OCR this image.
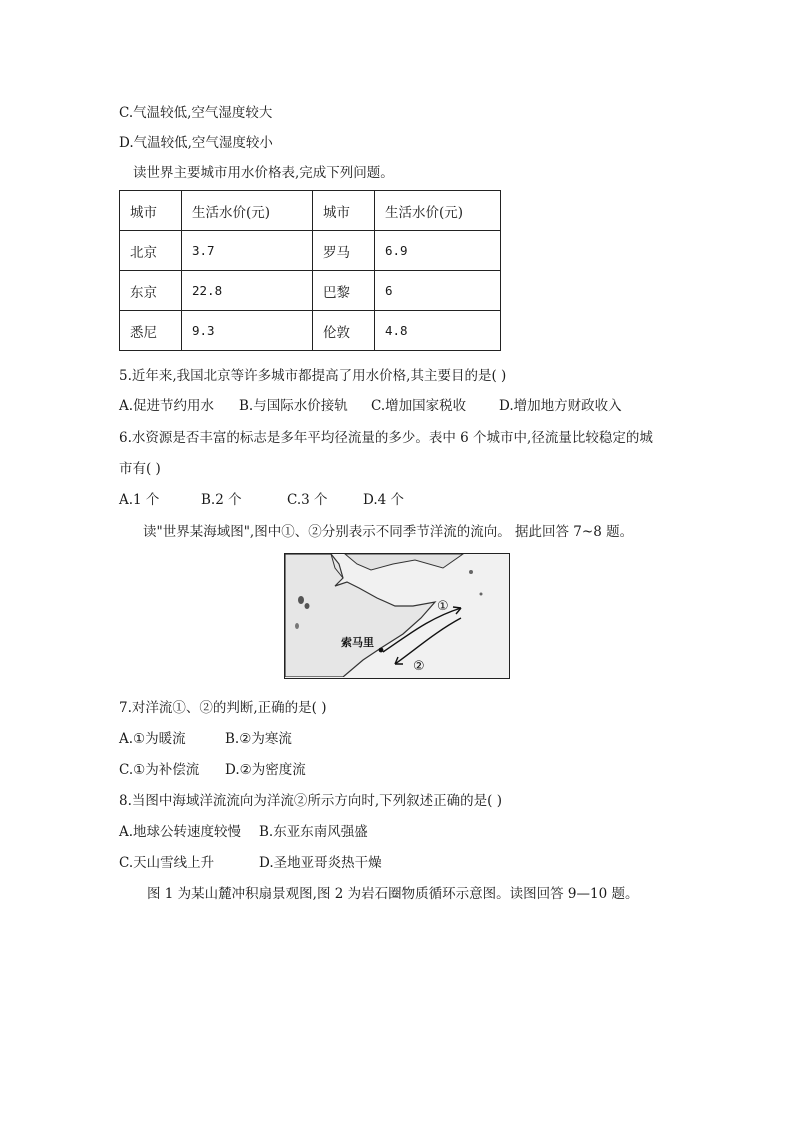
C.气温较低,空气湿度较大
D.气温较低,空气湿度较小
读世界主要城市用水价格表,完成下列问题。
城市	生活水价(元)	城市	生活水价(元)
北京	3.7	罗马	6.9
东京	22.8	巴黎	6
悉尼	9.3	伦敦	4.8
5.近年来,我国北京等许多城市都提高了用水价格,其主要目的是( )
A.促进节约用水 B.与国际水价接轨 C.增加国家税收 D.增加地方财政收入
6.水资源是否丰富的标志是多年平均径流量的多少。表中 6 个城市中,径流量比较稳定的城
市有( )
A.1 个	B.2 个	C.3 个	D.4 个
读"世界某海域图",图中①、②分别表示不同季节洋流的流向。 据此回答 7~8 题。
索马里
①
②
7.对洋流①、②的判断,正确的是( )
A.①为暖流	B.②为寒流
C.①为补偿流 D.②为密度流
8.当图中海域洋流流向为洋流②所示方向时,下列叙述正确的是( )
A.地球公转速度较慢 B.东亚东南风强盛
C.天山雪线上升	D.圣地亚哥炎热干燥
图 1 为某山麓冲积扇景观图,图 2 为岩石圈物质循环示意图。读图回答 9—10 题。
